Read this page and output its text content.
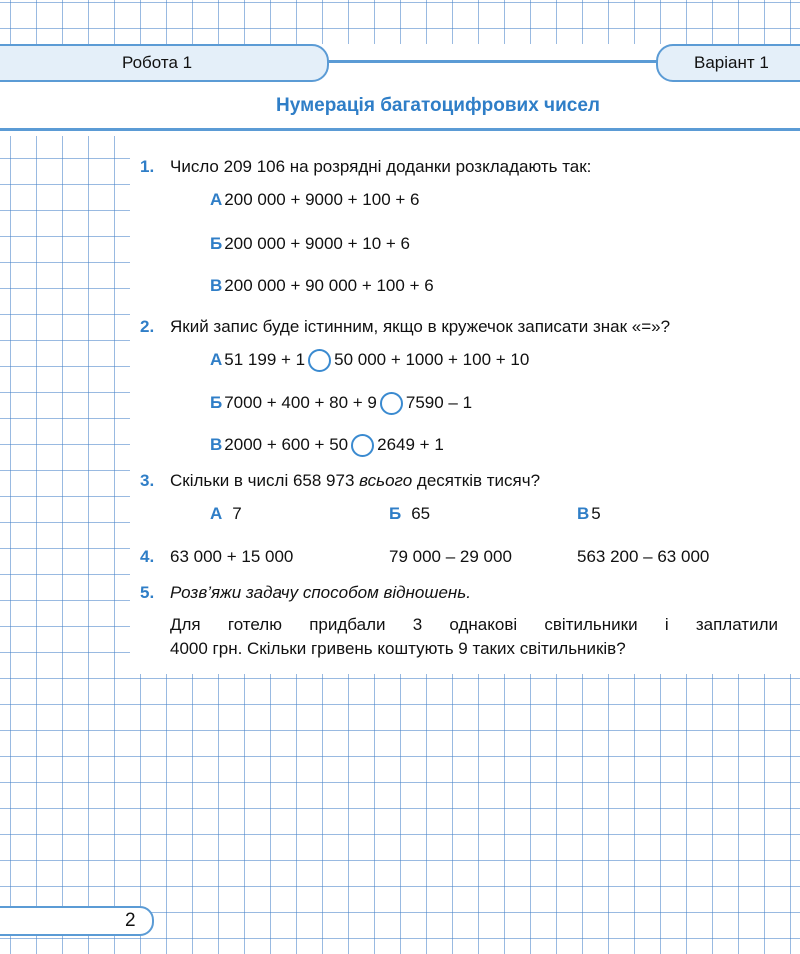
Робота 1	Варіант 1
Нумерація багатоцифрових чисел
1. Число 209 106 на розрядні доданки розкладають так:
А 200 000 + 9000 + 100 + 6
Б 200 000 + 9000 + 10 + 6
В 200 000 + 90 000 + 100 + 6
2. Який запис буде істинним, якщо в кружечок записати знак «=»?
А 51 199 + 1 50 000 + 1000 + 100 + 10
Б 7000 + 400 + 80 + 9 7590 – 1
В 2000 + 600 + 50 2649 + 1
3. Скільки в числі 658 973 всього десятків тисяч?
А 7	Б 65	В 5
4. 63 000 + 15 000	79 000 – 29 000	563 200 – 63 000
5. Розв’яжи задачу способом відношень.
Для готелю придбали 3 однакові світильники і заплатили
4000 грн. Скільки гривень коштують 9 таких світильників?
2
